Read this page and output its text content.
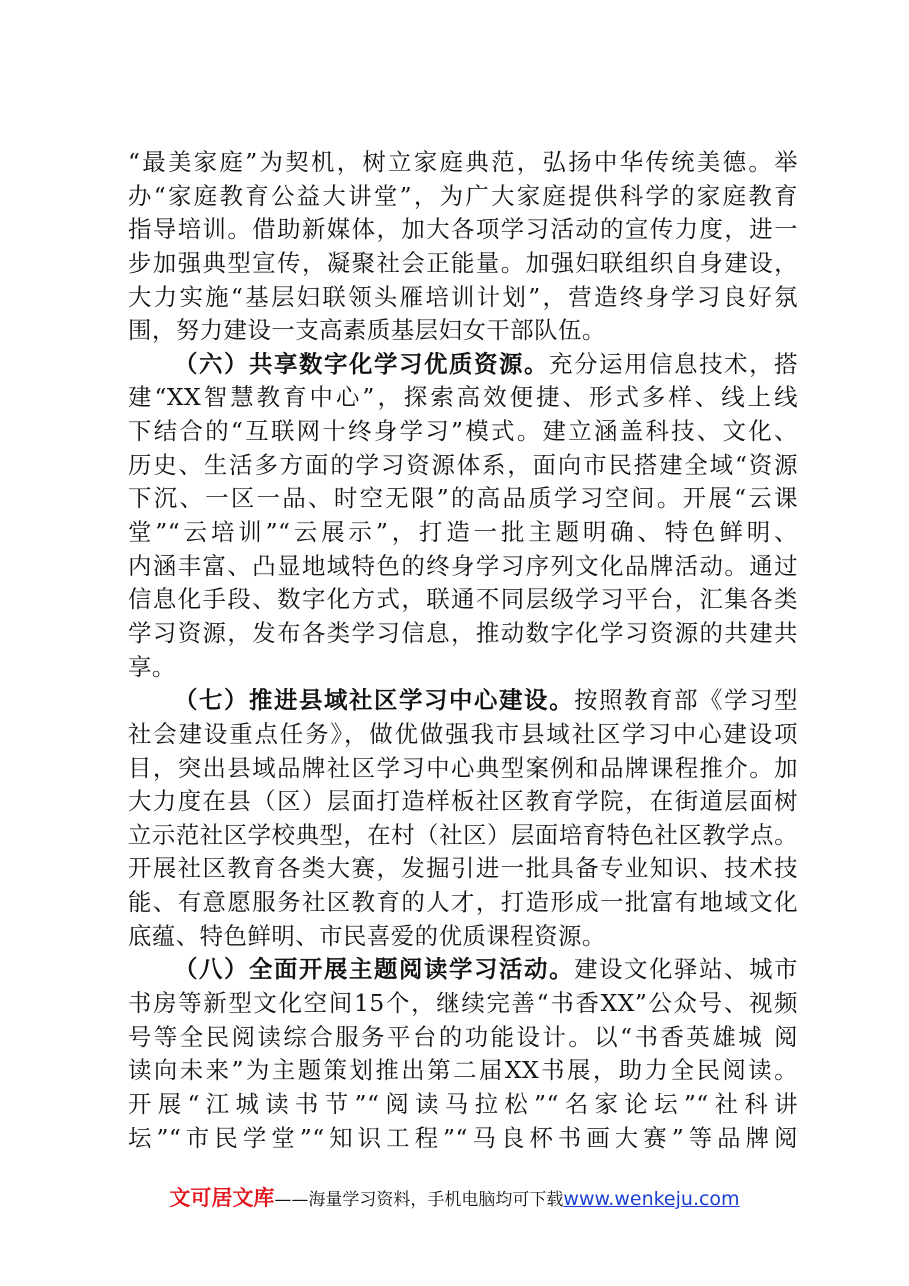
“最美家庭”为契机，树立家庭典范，弘扬中华传统美德。举
办“家庭教育公益大讲堂”，为广大家庭提供科学的家庭教育
指导培训。借助新媒体，加大各项学习活动的宣传力度，进一
步加强典型宣传，凝聚社会正能量。加强妇联组织自身建设，
大力实施“基层妇联领头雁培训计划”，营造终身学习良好氛
围，努力建设一支高素质基层妇女干部队伍。
（六）共享数字化学习优质资源。充分运用信息技术，搭
建“XX智慧教育中心”，探索高效便捷、形式多样、线上线
下结合的“互联网十终身学习”模式。建立涵盖科技、文化、
历史、生活多方面的学习资源体系，面向市民搭建全域“资源
下沉、一区一品、时空无限”的高品质学习空间。开展“云课
堂”“云培训”“云展示”，打造一批主题明确、特色鲜明、
内涵丰富、凸显地域特色的终身学习序列文化品牌活动。通过
信息化手段、数字化方式，联通不同层级学习平台，汇集各类
学习资源，发布各类学习信息，推动数字化学习资源的共建共
享。
（七）推进县域社区学习中心建设。按照教育部《学习型
社会建设重点任务》，做优做强我市县域社区学习中心建设项
目，突出县域品牌社区学习中心典型案例和品牌课程推介。加
大力度在县（区）层面打造样板社区教育学院，在街道层面树
立示范社区学校典型，在村（社区）层面培育特色社区教学点。
开展社区教育各类大赛，发掘引进一批具备专业知识、技术技
能、有意愿服务社区教育的人才，打造形成一批富有地域文化
底蕴、特色鲜明、市民喜爱的优质课程资源。
（八）全面开展主题阅读学习活动。建设文化驿站、城市
书房等新型文化空间15个，继续完善“书香XX”公众号、视频
号等全民阅读综合服务平台的功能设计。以“书香英雄城 阅
读向未来”为主题策划推出第二届XX书展，助力全民阅读。
开展“江城读书节”“阅读马拉松”“名家论坛”“社科讲
坛”“市民学堂”“知识工程”“马良杯书画大赛”等品牌阅
文可居文库——海量学习资料，手机电脑均可下载www.wenkeju.com
